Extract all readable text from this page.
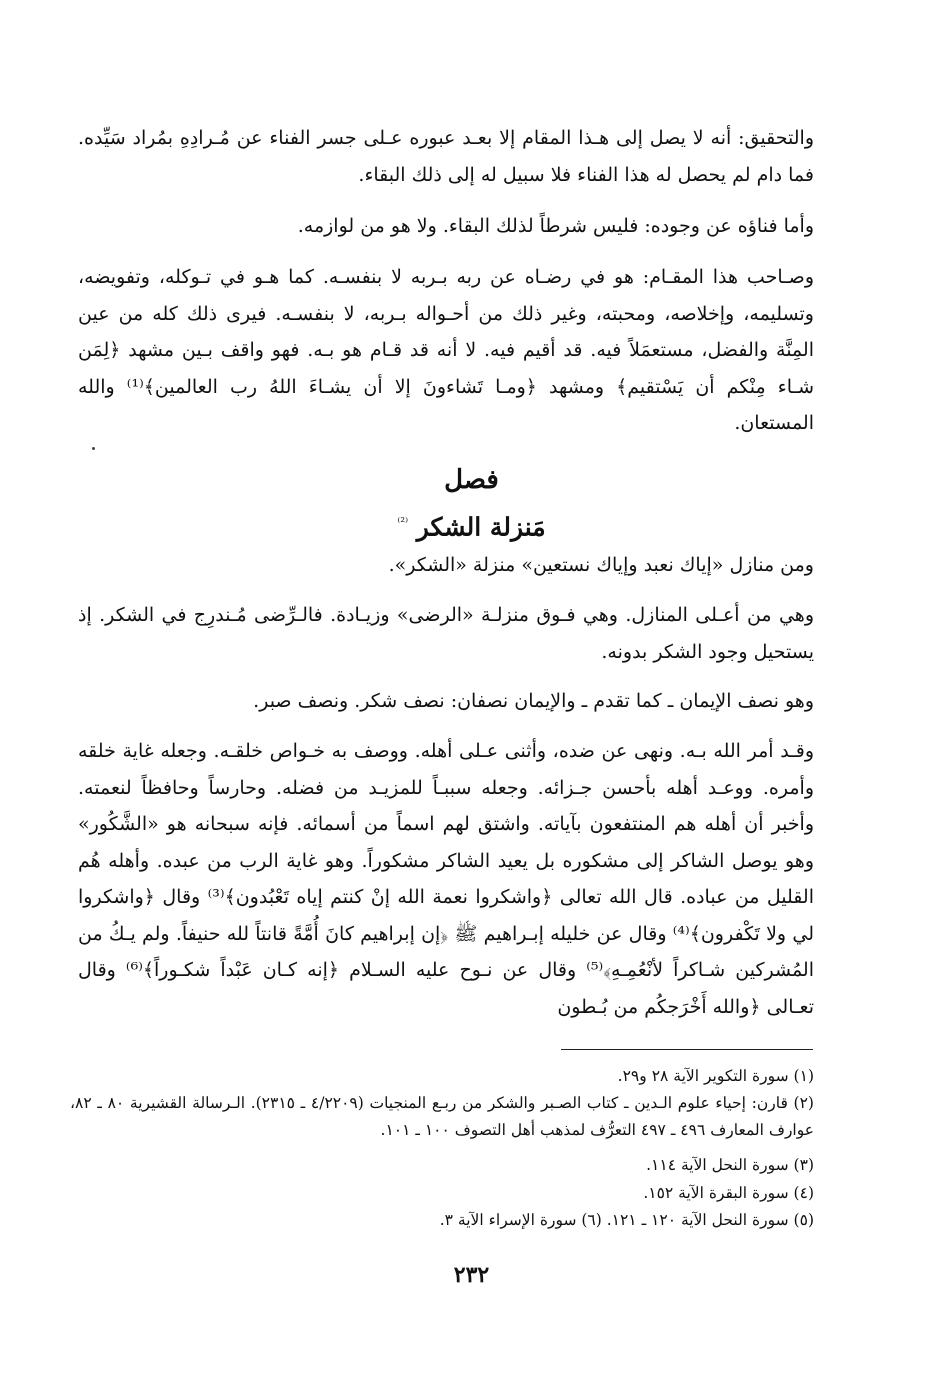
والتحقيق: أنه لا يصل إلى هـذا المقام إلا بعـد عبوره عـلى جسر الفناء عن مُـرادِهِ بمُراد سَيِّده. فما دام لم يحصل له هذا الفناء فلا سبيل له إلى ذلك البقاء.

وأما فناؤه عن وجوده: فليس شرطاً لذلك البقاء. ولا هو من لوازمه.

وصـاحب هذا المقـام: هو في رضـاه عن ربه بـربه لا بنفسـه. كما هـو في تـوكله، وتفويضه، وتسليمه، وإخلاصه، ومحبته، وغير ذلك من أحـواله بـربه، لا بنفسـه. فيرى ذلك كله من عين المِنَّة والفضل، مستعمَلاً فيه. قد أقيم فيه. لا أنه قد قـام هو بـه. فهو واقف بـين مشهد ﴿لِمَن شـاء مِنْكم أن يَسْتقيم﴾ ومشهد ﴿ومـا تَشاءونَ إلا أن يشـاءَ اللهُ رب العالمين﴾⁽¹⁾ والله المستعان.

فصل
مَنزلة الشكر $^{^{(2)}}$

ومن منازل «إياك نعبد وإياك نستعين» منزلة «الشكر».

وهي من أعـلى المنازل. وهي فـوق منزلـة «الرضى» وزيـادة. فالـرِّضى مُـندرِج في الشكر. إذ يستحيل وجود الشكر بدونه.

وهو نصف الإيمان ـ كما تقدم ـ والإيمان نصفان: نصف شكر. ونصف صبر.

وقـد أمر الله بـه. ونهى عن ضده، وأثنى عـلى أهله. ووصف به خـواص خلقـه. وجعله غاية خلقه وأمره. ووعـد أهله بأحسن جـزائه. وجعله سببـاً للمزيـد من فضله. وحارساً وحافظاً لنعمته. وأخبر أن أهله هم المنتفعون بآياته. واشتق لهم اسماً من أسمائه. فإنه سبحانه هو «الشَّكُور» وهو يوصل الشاكر إلى مشكوره بل يعيد الشاكر مشكوراً. وهو غاية الرب من عبده. وأهله هُم القليل من عباده. قال الله تعالى ﴿واشكروا نعمة الله إنْ كنتم إياه تَعْبُدون﴾⁽³⁾ وقال ﴿واشكروا لي ولا تَكْفرون﴾⁽⁴⁾ وقال عن خليله إبـراهيم ﷺ ﴿إن إبراهيم كانَ أُمَّةً قانتاً لله حنيفاً. ولم يـكُ من المُشركين شـاكراً لأنْعُمِـهِ﴾⁽⁵⁾ وقال عن نـوح عليه السـلام ﴿إنه كـان عَبْداً شكـوراً﴾⁽⁶⁾ وقال تعـالى ﴿والله أَخْرَجكُم من بُـطون

(١) سورة التكوير الآية ٢٨ و٢٩.

(٢) قارن: إحياء علوم الـدين ـ كتاب الصـبر والشكر من ربـع المنجيات (٤/٢٢٠٩ ـ ٢٣١٥). الـرسالة القشيرية ٨٠ ـ ٨٢، عوارف المعارف ٤٩٦ ـ ٤٩٧ التعرُّف لمذهب أهل التصوف ١٠٠ ـ ١٠١.

(٣) سورة النحل الآية ١١٤.

(٤) سورة البقرة الآية ١٥٢.

(٥) سورة النحل الآية ١٢٠ ـ ١٢١. (٦) سورة الإسراء الآية ٣.

٢٣٢
